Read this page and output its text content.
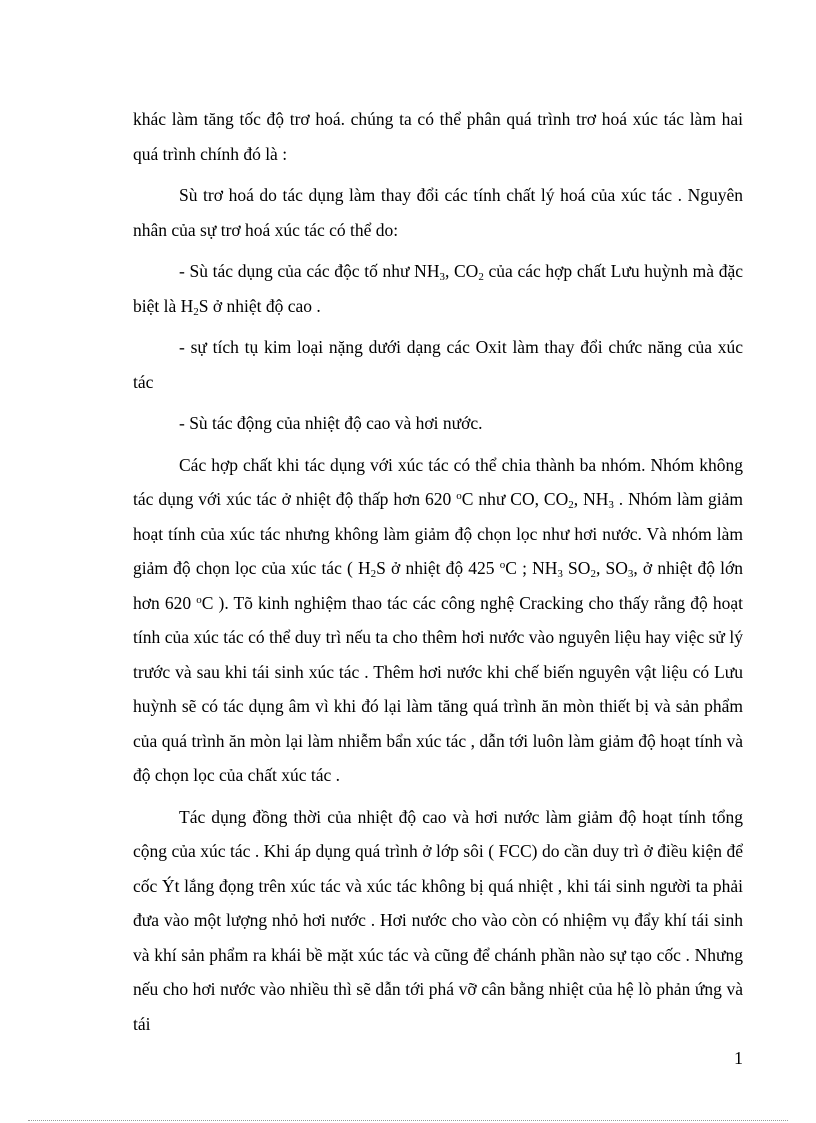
khác làm tăng tốc độ trơ hoá. chúng ta có thể phân quá trình trơ hoá xúc tác làm hai quá trình chính đó là :

Sù trơ hoá do tác dụng làm thay đổi các tính chất lý hoá của xúc tác . Nguyên nhân của sự trơ hoá xúc tác có thể do:

- Sù tác dụng của các độc tố như $NH_3$, $CO_2$ của các hợp chất Lưu huỳnh mà đặc biệt là $H_2S$ ở nhiệt độ cao .

- sự tích tụ kim loại nặng dưới dạng các Oxit làm thay đổi chức năng của xúc tác

- Sù tác động của nhiệt độ cao và hơi nước.

Các hợp chất khi tác dụng với xúc tác có thể chia thành ba nhóm. Nhóm không tác dụng với xúc tác ở nhiệt độ thấp hơn 620 $^o$C như CO, $CO_2$, $NH_3$ . Nhóm làm giảm hoạt tính của xúc tác nhưng không làm giảm độ chọn lọc như hơi nước. Và nhóm làm giảm độ chọn lọc của xúc tác ( $H_2S$ ở nhiệt độ 425 $^o$C ; $NH_3$ $SO_2$, $SO_3$, ở nhiệt độ lớn hơn 620 $^o$C ). Tõ kinh nghiệm thao tác các công nghệ Cracking cho thấy rằng độ hoạt tính của xúc tác có thể duy trì nếu ta cho thêm hơi nước vào nguyên liệu hay việc sử lý trước và sau khi tái sinh xúc tác . Thêm hơi nước khi chế biến nguyên vật liệu có Lưu huỳnh sẽ có tác dụng âm vì khi đó lại làm tăng quá trình ăn mòn thiết bị và sản phẩm của quá trình ăn mòn lại làm nhiễm bẩn xúc tác , dẫn tới luôn làm giảm độ hoạt tính và độ chọn lọc của chất xúc tác .

Tác dụng đồng thời của nhiệt độ cao và hơi nước làm giảm độ hoạt tính tổng cộng của xúc tác . Khi áp dụng quá trình ở lớp sôi ( FCC) do cần duy trì ở điều kiện để cốc Ýt lắng đọng trên xúc tác và xúc tác không bị quá nhiệt , khi tái sinh người ta phải đưa vào một lượng nhỏ hơi nước . Hơi nước cho vào còn có nhiệm vụ đẩy khí tái sinh và khí sản phẩm ra khái bề mặt xúc tác và cũng để chánh phần nào sự tạo cốc . Nhưng nếu cho hơi nước vào nhiều thì sẽ dẫn tới phá vỡ cân bằng nhiệt của hệ lò phản ứng và tái

1
